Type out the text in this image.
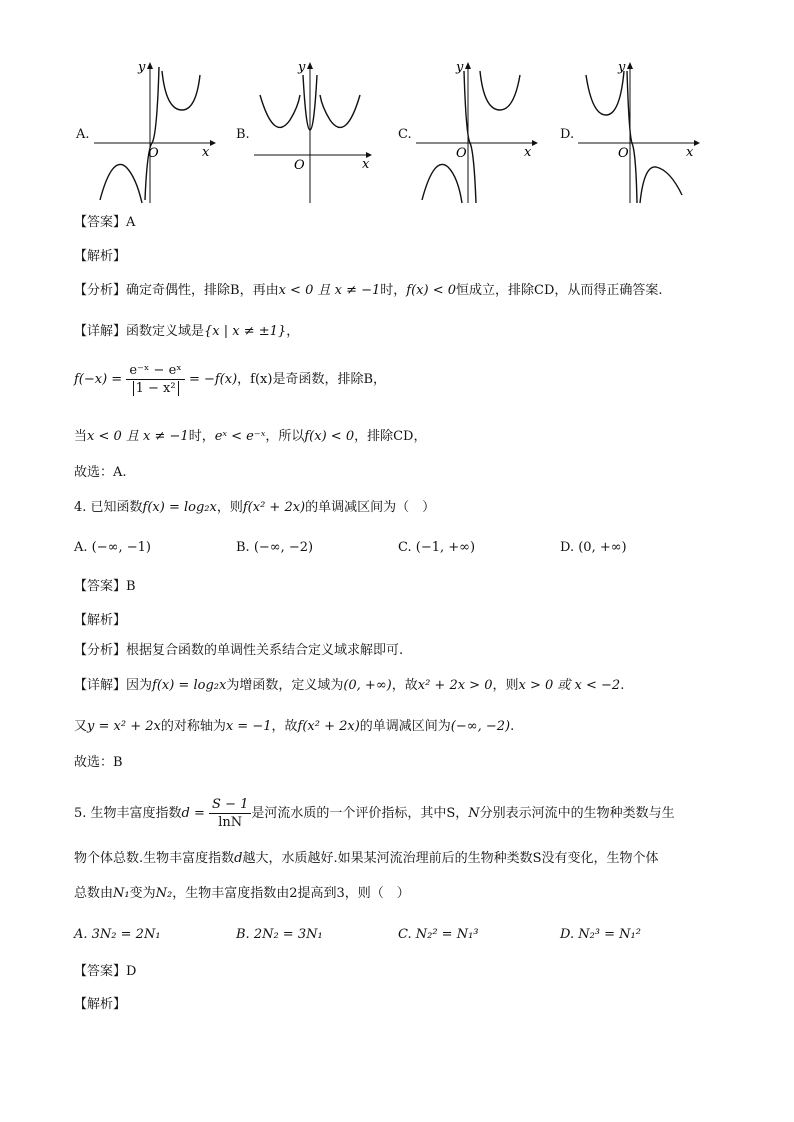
A.
y
x
O
B.
y
x
O
C.
y
x
O
D.
y
x
O
【答案】A
【解析】
【分析】确定奇偶性，排除B，再由x < 0 且 x ≠ −1时，f(x) < 0恒成立，排除CD，从而得正确答案.
【详解】函数定义域是{x | x ≠ ±1}，
$f(-x) = \frac{\text{e⁻ˣ − eˣ}}{\text{1 − x²}} = -f(x)$，f(x)是奇函数，排除B，
当x < 0 且 x ≠ −1时，eˣ < e⁻ˣ，所以f(x) < 0，排除CD，
故选：A.
4. 已知函数f(x) = log₂x，则f(x² + 2x)的单调减区间为（　）
A. (−∞, −1)	B. (−∞, −2)	C. (−1, +∞)	D. (0, +∞)
【答案】B
【解析】
【分析】根据复合函数的单调性关系结合定义域求解即可.
【详解】因为f(x) = log₂x为增函数，定义域为(0, +∞)，故x² + 2x > 0，则x > 0 或 x < −2.
又y = x² + 2x的对称轴为x = −1，故f(x² + 2x)的单调减区间为(−∞, −2).
故选：B
5. 生物丰富度指数$d = \frac{S - 1}{\ln N}$ 是河流水质的一个评价指标，其中S，N分别表示河流中的生物种类数与生
物个体总数.生物丰富度指数d越大，水质越好.如果某河流治理前后的生物种类数S没有变化，生物个体
总数由N₁变为N₂，生物丰富度指数由2提高到3，则（　）
A. 3N₂ = 2N₁	B. 2N₂ = 3N₁	C. N₂² = N₁³	D. N₂³ = N₁²
【答案】D
【解析】
